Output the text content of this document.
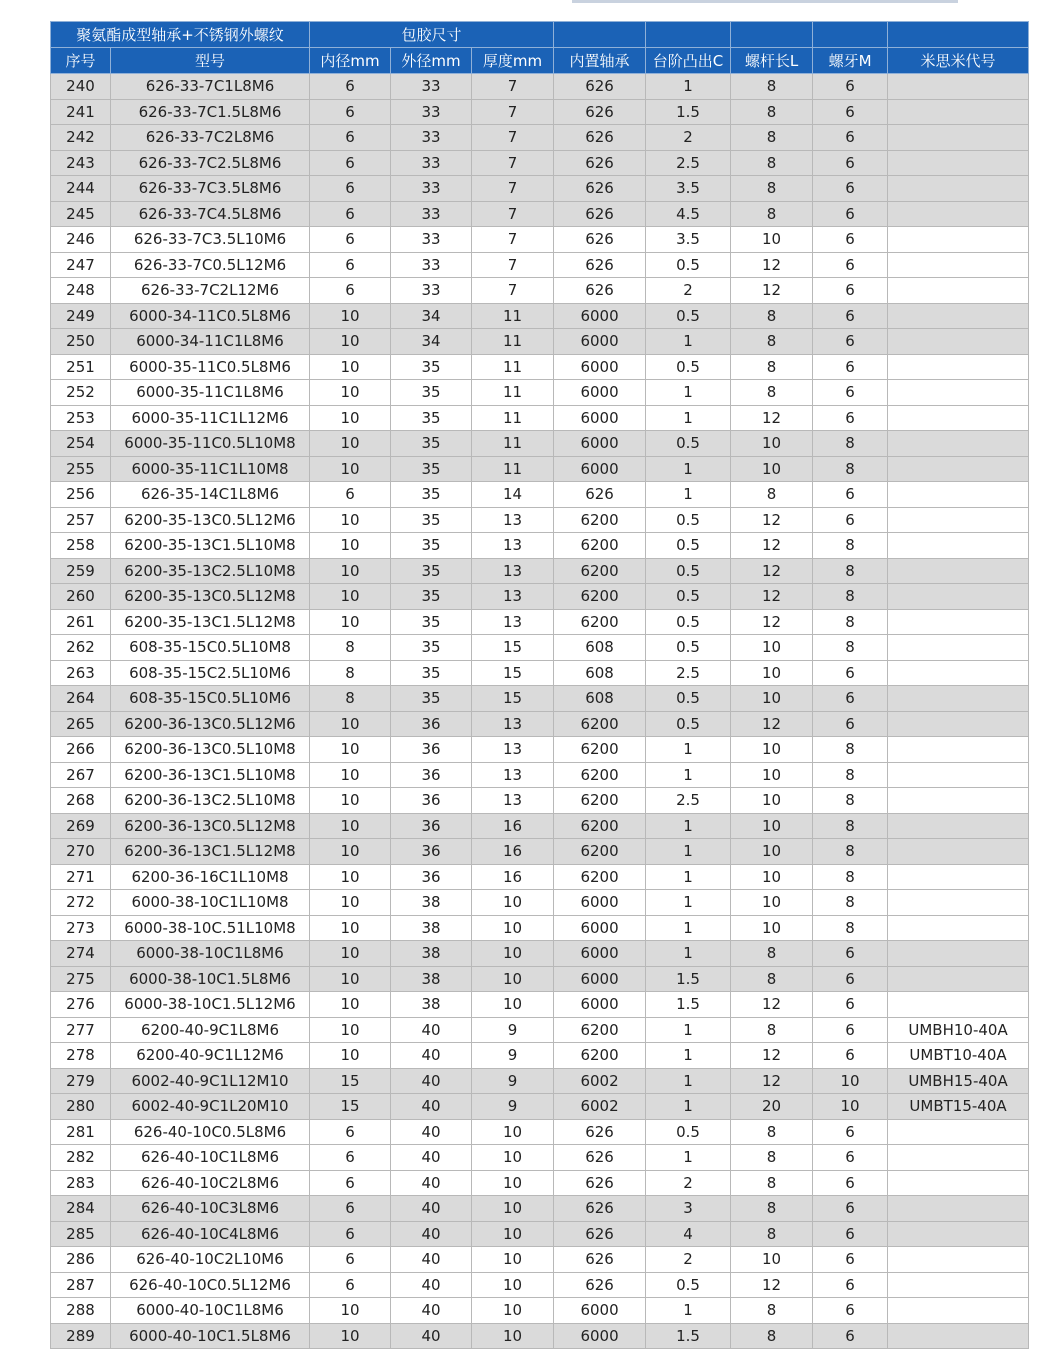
聚氨酯成型轴承+不锈钢外螺纹		包胶尺寸							
序号	型号	内径mm	外径mm	厚度mm	内置轴承	台阶凸出C	螺杆长L	螺牙M	米思米代号
240	626-33-7C1L8M6	6	33	7	626	1	8	6	
241	626-33-7C1.5L8M6	6	33	7	626	1.5	8	6	
242	626-33-7C2L8M6	6	33	7	626	2	8	6	
243	626-33-7C2.5L8M6	6	33	7	626	2.5	8	6	
244	626-33-7C3.5L8M6	6	33	7	626	3.5	8	6	
245	626-33-7C4.5L8M6	6	33	7	626	4.5	8	6	
246	626-33-7C3.5L10M6	6	33	7	626	3.5	10	6	
247	626-33-7C0.5L12M6	6	33	7	626	0.5	12	6	
248	626-33-7C2L12M6	6	33	7	626	2	12	6	
249	6000-34-11C0.5L8M6	10	34	11	6000	0.5	8	6	
250	6000-34-11C1L8M6	10	34	11	6000	1	8	6	
251	6000-35-11C0.5L8M6	10	35	11	6000	0.5	8	6	
252	6000-35-11C1L8M6	10	35	11	6000	1	8	6	
253	6000-35-11C1L12M6	10	35	11	6000	1	12	6	
254	6000-35-11C0.5L10M8	10	35	11	6000	0.5	10	8	
255	6000-35-11C1L10M8	10	35	11	6000	1	10	8	
256	626-35-14C1L8M6	6	35	14	626	1	8	6	
257	6200-35-13C0.5L12M6	10	35	13	6200	0.5	12	6	
258	6200-35-13C1.5L10M8	10	35	13	6200	0.5	12	8	
259	6200-35-13C2.5L10M8	10	35	13	6200	0.5	12	8	
260	6200-35-13C0.5L12M8	10	35	13	6200	0.5	12	8	
261	6200-35-13C1.5L12M8	10	35	13	6200	0.5	12	8	
262	608-35-15C0.5L10M8	8	35	15	608	0.5	10	8	
263	608-35-15C2.5L10M6	8	35	15	608	2.5	10	6	
264	608-35-15C0.5L10M6	8	35	15	608	0.5	10	6	
265	6200-36-13C0.5L12M6	10	36	13	6200	0.5	12	6	
266	6200-36-13C0.5L10M8	10	36	13	6200	1	10	8	
267	6200-36-13C1.5L10M8	10	36	13	6200	1	10	8	
268	6200-36-13C2.5L10M8	10	36	13	6200	2.5	10	8	
269	6200-36-13C0.5L12M8	10	36	16	6200	1	10	8	
270	6200-36-13C1.5L12M8	10	36	16	6200	1	10	8	
271	6200-36-16C1L10M8	10	36	16	6200	1	10	8	
272	6000-38-10C1L10M8	10	38	10	6000	1	10	8	
273	6000-38-10C.51L10M8	10	38	10	6000	1	10	8	
274	6000-38-10C1L8M6	10	38	10	6000	1	8	6	
275	6000-38-10C1.5L8M6	10	38	10	6000	1.5	8	6	
276	6000-38-10C1.5L12M6	10	38	10	6000	1.5	12	6	
277	6200-40-9C1L8M6	10	40	9	6200	1	8	6	UMBH10-40A
278	6200-40-9C1L12M6	10	40	9	6200	1	12	6	UMBT10-40A
279	6002-40-9C1L12M10	15	40	9	6002	1	12	10	UMBH15-40A
280	6002-40-9C1L20M10	15	40	9	6002	1	20	10	UMBT15-40A
281	626-40-10C0.5L8M6	6	40	10	626	0.5	8	6	
282	626-40-10C1L8M6	6	40	10	626	1	8	6	
283	626-40-10C2L8M6	6	40	10	626	2	8	6	
284	626-40-10C3L8M6	6	40	10	626	3	8	6	
285	626-40-10C4L8M6	6	40	10	626	4	8	6	
286	626-40-10C2L10M6	6	40	10	626	2	10	6	
287	626-40-10C0.5L12M6	6	40	10	626	0.5	12	6	
288	6000-40-10C1L8M6	10	40	10	6000	1	8	6	
289	6000-40-10C1.5L8M6	10	40	10	6000	1.5	8	6	
